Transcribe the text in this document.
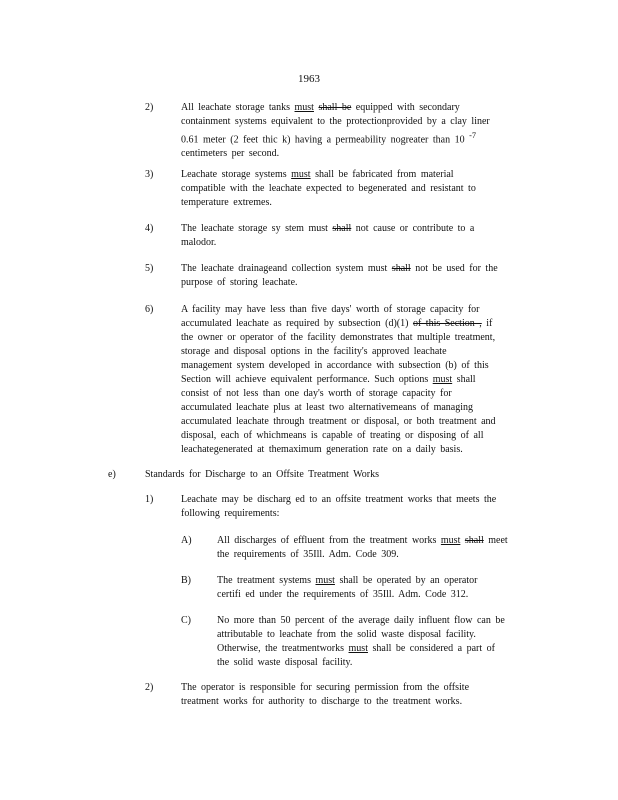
1963
2)	All leachate storage tanks must shall be equipped with secondary

containment systems equivalent to the protectionprovided by a clay liner

0.61 meter (2 feet thic k) having a permeability nogreater than 10 $^{-7}$

centimeters per second.

3)	Leachate storage systems must shall be fabricated from material

compatible with the leachate expected to begenerated and resistant to

temperature extremes.

4)	The leachate storage sy stem must shall not cause or contribute to a

malodor.

5)	The leachate drainageand collection system must shall not be used for the

purpose of storing leachate.

6)	A facility may have less than five days' worth of storage capacity for

accumulated leachate as required by subsection (d)(1) of this Section , if

the owner or operator of the facility demonstrates that multiple treatment,

storage and disposal options in the facility's approved leachate

management system developed in accordance with subsection (b) of this

Section will achieve equivalent performance. Such options must shall

consist of not less than one day's worth of storage capacity for

accumulated leachate plus at least two alternativemeans of managing

accumulated leachate through treatment or disposal, or both treatment and

disposal, each of whichmeans is capable of treating or disposing of all

leachategenerated at themaximum generation rate on a daily basis.

e)	Standards for Discharge to an Offsite Treatment Works
1)	Leachate may be discharg ed to an offsite treatment works that meets the

following requirements:

A)	All discharges of effluent from the treatment works must shall meet

the requirements of 35Ill. Adm. Code 309.

B)	The treatment systems must shall be operated by an operator

certifi ed under the requirements of 35Ill. Adm. Code 312.

C)	No more than 50 percent of the average daily influent flow can be

attributable to leachate from the solid waste disposal facility.

Otherwise, the treatmentworks must shall be considered a part of

the solid waste disposal facility.

2)	The operator is responsible for securing permission from the offsite

treatment works for authority to discharge to the treatment works.
